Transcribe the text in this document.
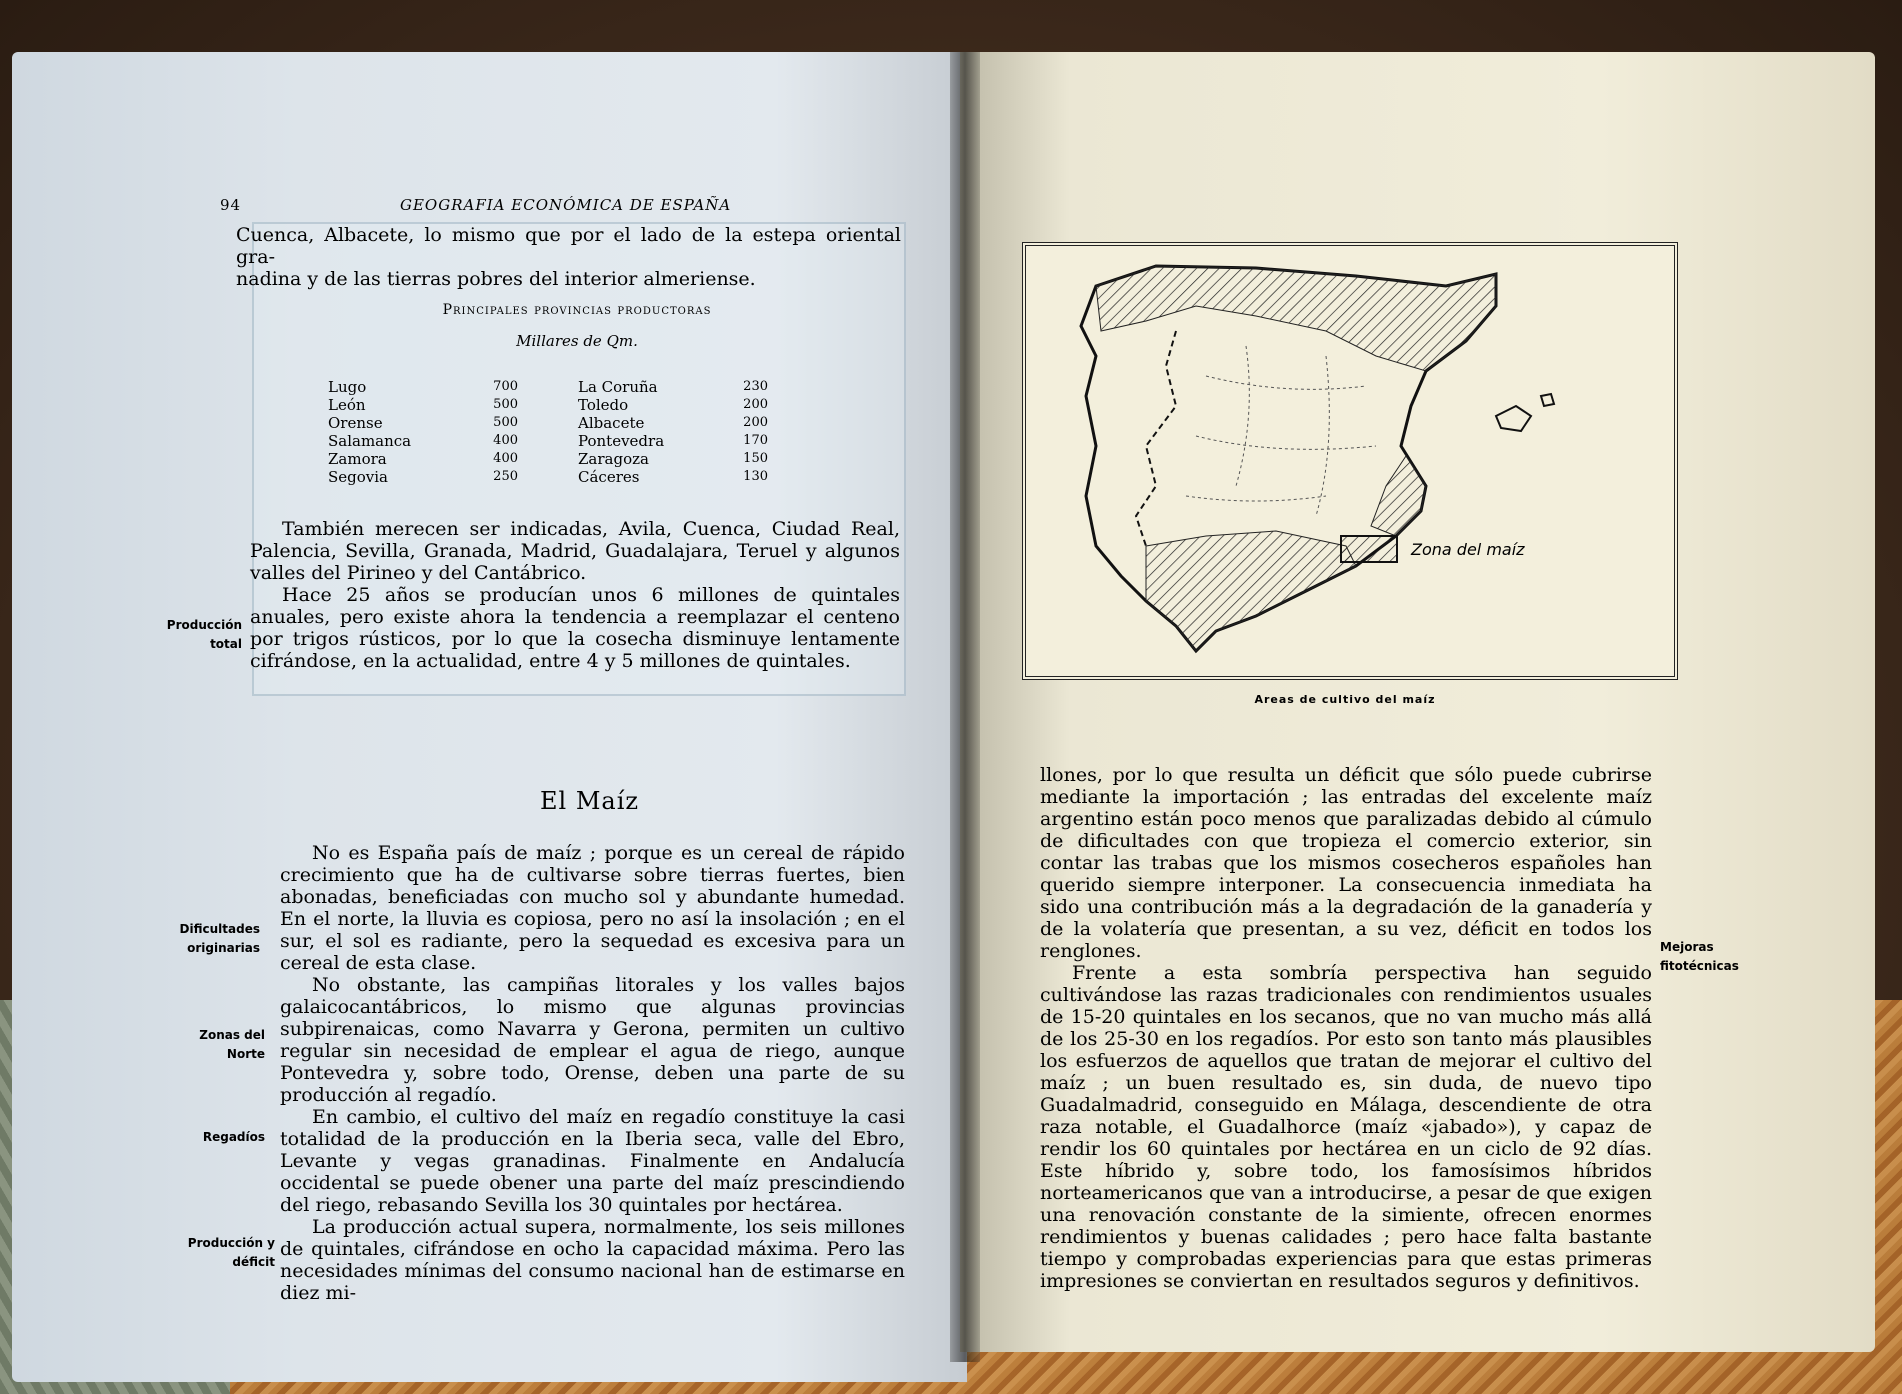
94	GEOGRAFIA ECONÓMICA DE ESPAÑA

Cuenca, Albacete, lo mismo que por el lado de la estepa oriental gra-

nadina y de las tierras pobres del interior almeriense.

Principales provincias productoras
Millares de Qm.
Lugo	700	La Coruña	230
León	500	Toledo	200
Orense	500	Albacete	200
Salamanca	400	Pontevedra	170
Zamora	400	Zaragoza	150
Segovia	250	Cáceres	130

También merecen ser indicadas, Avila, Cuenca, Ciudad Real, Palencia, Sevilla, Granada, Madrid, Guadalajara, Teruel y algunos valles del Pirineo y del Cantábrico.

Hace 25 años se producían unos 6 millones de quintales anuales, pero existe ahora la tendencia a reemplazar el centeno por trigos rústicos, por lo que la cosecha disminuye lentamente cifrándose, en la actualidad, entre 4 y 5 millones de quintales.

Producción total
El Maíz

No es España país de maíz ; porque es un cereal de rápido crecimiento que ha de cultivarse sobre tierras fuertes, bien abonadas, beneficiadas con mucho sol y abundante humedad. En el norte, la lluvia es copiosa, pero no así la insolación ; en el sur, el sol es radiante, pero la sequedad es excesiva para un cereal de esta clase.

No obstante, las campiñas litorales y los valles bajos galaicocantábricos, lo mismo que algunas provincias subpirenaicas, como Navarra y Gerona, permiten un cultivo regular sin necesidad de emplear el agua de riego, aunque Pontevedra y, sobre todo, Orense, deben una parte de su producción al regadío.

En cambio, el cultivo del maíz en regadío constituye la casi totalidad de la producción en la Iberia seca, valle del Ebro, Levante y vegas granadinas. Finalmente en Andalucía occidental se puede obener una parte del maíz prescindiendo del riego, rebasando Sevilla los 30 quintales por hectárea.

La producción actual supera, normalmente, los seis millones de quintales, cifrándose en ocho la capacidad máxima. Pero las necesidades mínimas del consumo nacional han de estimarse en diez mi-

Dificultades originarias
Zonas del Norte
Regadíos
Producción y déficit
Zona del maíz
Areas de cultivo del maíz

llones, por lo que resulta un déficit que sólo puede cubrirse mediante la importación ; las entradas del excelente maíz argentino están poco menos que paralizadas debido al cúmulo de dificultades con que tropieza el comercio exterior, sin contar las trabas que los mismos cosecheros españoles han querido siempre interponer. La consecuencia inmediata ha sido una contribución más a la degradación de la ganadería y de la volatería que presentan, a su vez, déficit en todos los renglones.

Frente a esta sombría perspectiva han seguido cultivándose las razas tradicionales con rendimientos usuales de 15-20 quintales en los secanos, que no van mucho más allá de los 25-30 en los regadíos. Por esto son tanto más plausibles los esfuerzos de aquellos que tratan de mejorar el cultivo del maíz ; un buen resultado es, sin duda, de nuevo tipo Guadalmadrid, conseguido en Málaga, descendiente de otra raza notable, el Guadalhorce (maíz «jabado»), y capaz de rendir los 60 quintales por hectárea en un ciclo de 92 días. Este híbrido y, sobre todo, los famosísimos híbridos norteamericanos que van a introducirse, a pesar de que exigen una renovación constante de la simiente, ofrecen enormes rendimientos y buenas calidades ; pero hace falta bastante tiempo y comprobadas experiencias para que estas primeras impresiones se conviertan en resultados seguros y definitivos.

Mejoras fitotécnicas
